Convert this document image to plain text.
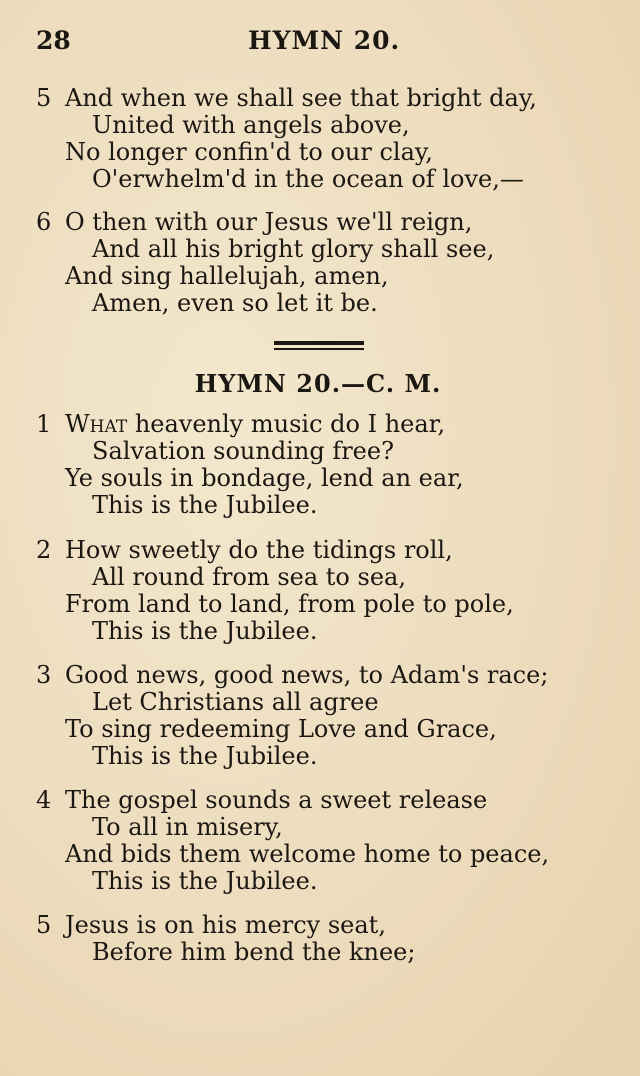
28	HYMN 20.
5 And when we shall see that bright day,
United with angels above,
No longer confin'd to our clay,
O'erwhelm'd in the ocean of love,—
6 O then with our Jesus we'll reign,
And all his bright glory shall see,
And sing hallelujah, amen,
Amen, even so let it be.
HYMN 20.—C. M.
1 What heavenly music do I hear,
Salvation sounding free?
Ye souls in bondage, lend an ear,
This is the Jubilee.
2 How sweetly do the tidings roll,
All round from sea to sea,
From land to land, from pole to pole,
This is the Jubilee.
3 Good news, good news, to Adam's race;
Let Christians all agree
To sing redeeming Love and Grace,
This is the Jubilee.
4 The gospel sounds a sweet release
To all in misery,
And bids them welcome home to peace,
This is the Jubilee.
5 Jesus is on his mercy seat,
Before him bend the knee;
